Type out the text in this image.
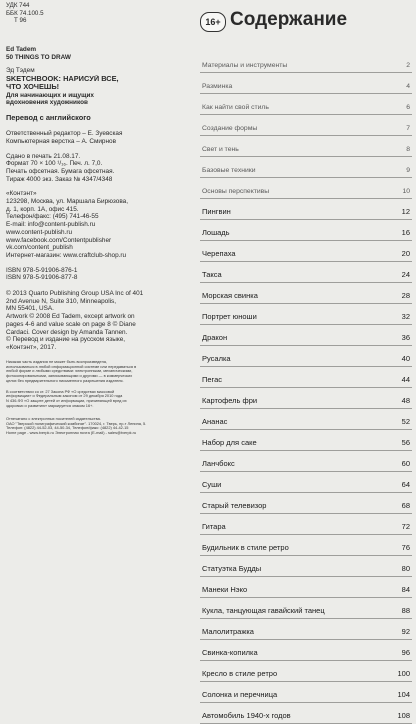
УДК 744
ББК 74.100.5
Т 96
Ed Tadem
50 THINGS TO DRAW
Эд Тэдем
SKETCHBOOK: НАРИСУЙ ВСЕ,
ЧТО ХОЧЕШЬ!
Для начинающих и ищущих
вдохновения художников
Перевод с английского
Ответственный редактор – Е. Зуевская
Компьютерная верстка – А. Смирнов
Сдано в печать 21.08.17.
Формат 70 × 100 ¹/₁₆. Печ. л. 7,0.
Печать офсетная. Бумага офсетная.
Тираж 4000 экз. Заказ № 4347/4348
«Контэнт»
123298, Москва, ул. Маршала Бирюзова,
д. 1, корп. 1А, офис 415.
Телефон/факс: (495) 741-46-55
E-mail: info@content-publish.ru
www.content-publish.ru
www.facebook.com/Contentpublisher
vk.com/content_publish
Интернет-магазин: www.craftclub-shop.ru
ISBN 978-5-91906-876-1
ISBN 978-5-91906-877-8
© 2013 Quarto Publishing Group USA Inc of 401
2nd Avenue N, Suite 310, Minneapolis,
MN 55401, USA.
Artwork © 2008 Ed Tadem, except artwork on
pages 4-6 and value scale on page 8 © Diane
Cardaci. Cover design by Amanda Tannen.
© Перевод и издание на русском языке,
«Контэнт», 2017.
Никакая часть издания не может быть воспроизведена,
использоваться в любой информационной системе или передаваться в
любой форме и любыми средствами: электронными, механическими,
фотокопировальными, записывающими и другими — в коммерческих
целях без предварительного письменного разрешения издателя.
В соответствии со ст. 27 Закона РФ «О средствах массовой
информации» и Федеральным законом от 29 декабря 2010 года
N 436-ФЗ «О защите детей от информации, причиняющей вред их
здоровью и развитию» маркируется знаком 16+.
Отпечатано с электронных носителей издательства.
ОАО "Тверской полиграфический комбинат". 170024, г. Тверь, пр-т Ленина, 5.
Телефон: (4822) 44-52-03, 44-50-34, Телефон/факс: (4822) 44-42-15
Home page - www.tverpk.ru Электронная почта (E-mail) - sales@tverpk.ru
16+ Содержание
Материалы и инструменты	2
Разминка	4
Как найти свой стиль	6
Создание формы	7
Свет и тень	8
Базовые техники	9
Основы перспективы	10
Пингвин	12
Лошадь	16
Черепаха	20
Такса	24
Морская свинка	28
Портрет юноши	32
Дракон	36
Русалка	40
Пегас	44
Картофель фри	48
Ананас	52
Набор для саке	56
Ланчбокс	60
Суши	64
Старый телевизор	68
Гитара	72
Будильник в стиле ретро	76
Статуэтка Будды	80
Манеки Нэко	84
Кукла, танцующая гавайский танец	88
Малолитражка	92
Свинка-копилка	96
Кресло в стиле ретро	100
Солонка и перечница	104
Автомобиль 1940-х годов	108
